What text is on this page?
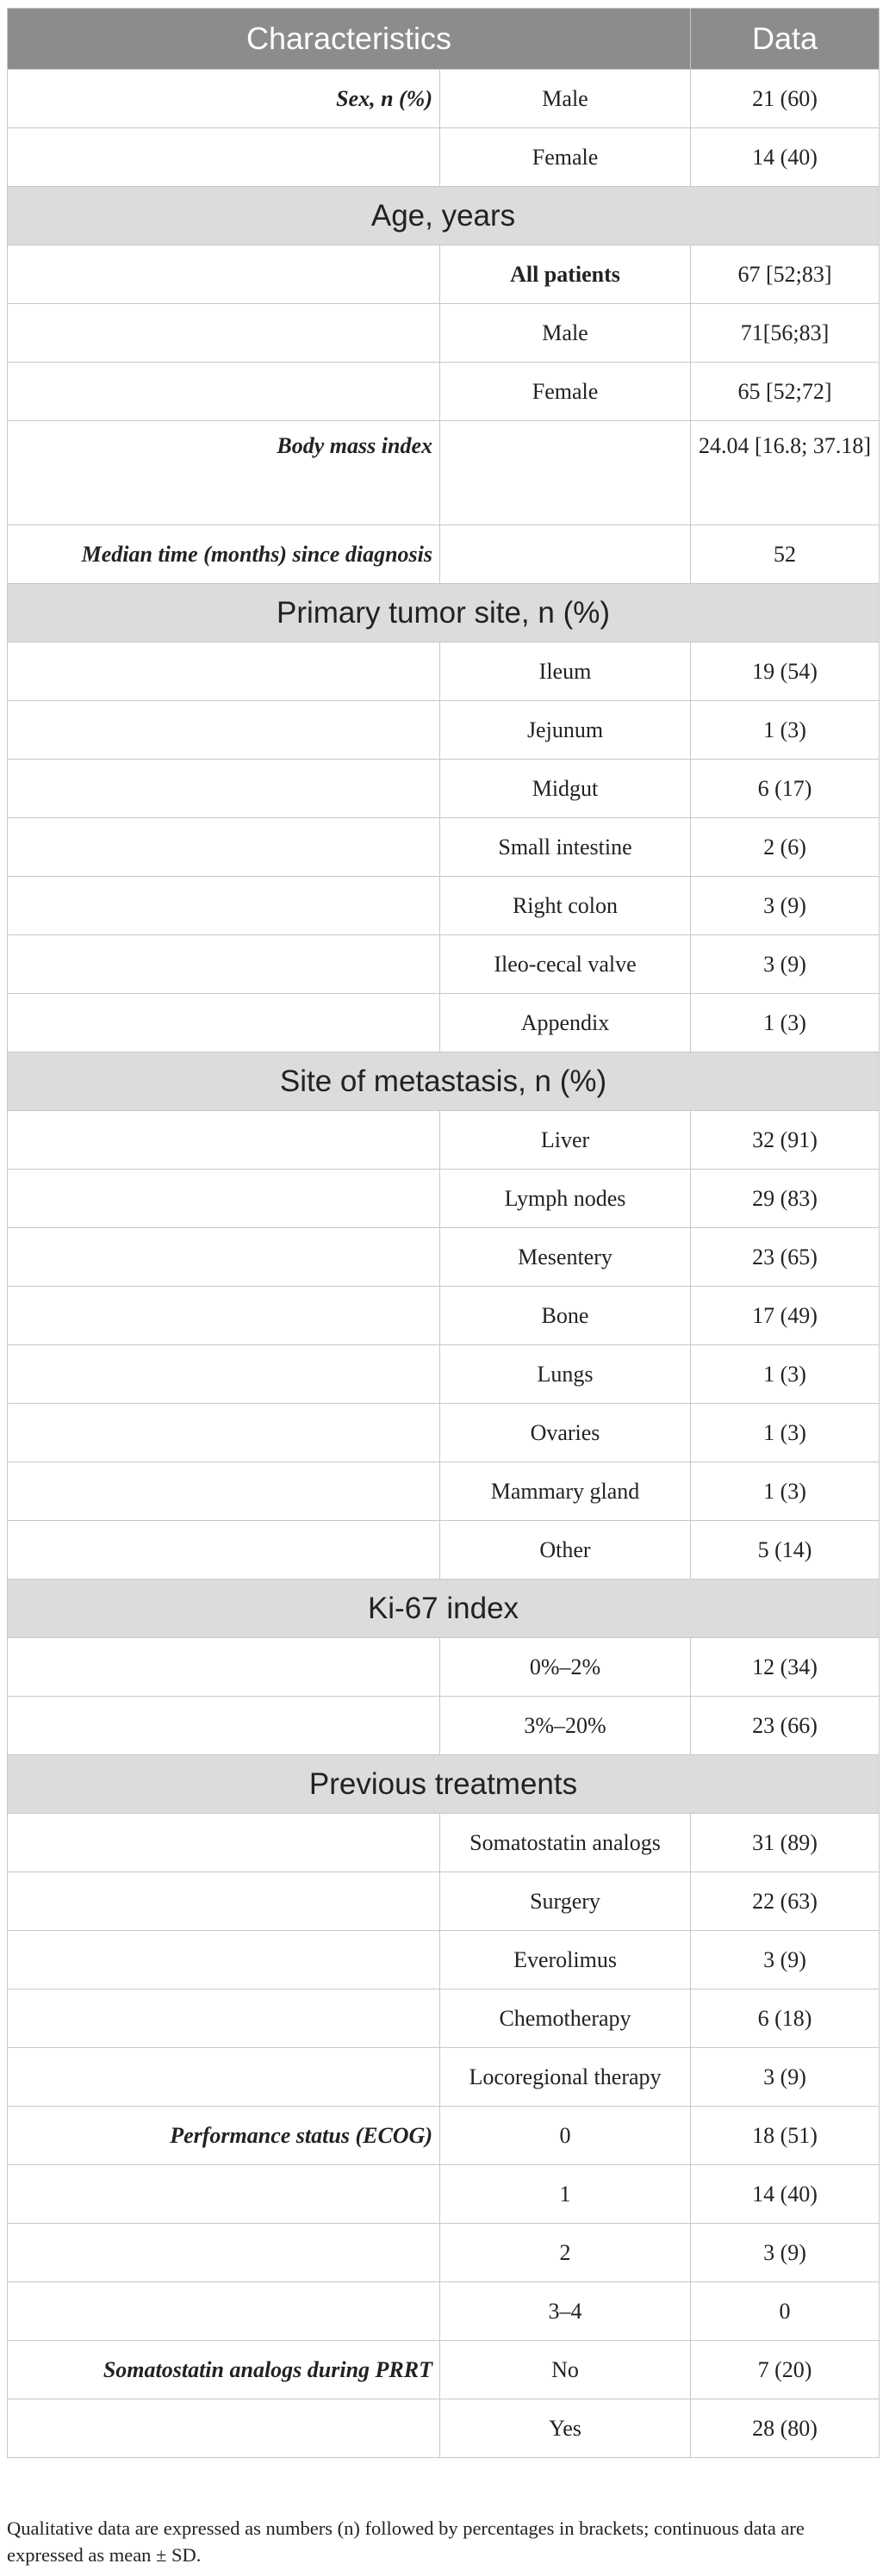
Characteristics		Data
Sex, n (%)	Male	21 (60)
	Female	14 (40)
Age, years		
	All patients	67 [52;83]
	Male	71[56;83]
	Female	65 [52;72]
Body mass index		24.04 [16.8; 37.18]
Median time (months) since diagnosis		52
Primary tumor site, n (%)		
	Ileum	19 (54)
	Jejunum	1 (3)
	Midgut	6 (17)
	Small intestine	2 (6)
	Right colon	3 (9)
	Ileo-cecal valve	3 (9)
	Appendix	1 (3)
Site of metastasis, n (%)		
	Liver	32 (91)
	Lymph nodes	29 (83)
	Mesentery	23 (65)
	Bone	17 (49)
	Lungs	1 (3)
	Ovaries	1 (3)
	Mammary gland	1 (3)
	Other	5 (14)
Ki-67 index		
	0%–2%	12 (34)
	3%–20%	23 (66)
Previous treatments		
	Somatostatin analogs	31 (89)
	Surgery	22 (63)
	Everolimus	3 (9)
	Chemotherapy	6 (18)
	Locoregional therapy	3 (9)
Performance status (ECOG)	0	18 (51)
	1	14 (40)
	2	3 (9)
	3–4	0
Somatostatin analogs during PRRT	No	7 (20)
	Yes	28 (80)
Qualitative data are expressed as numbers (n) followed by percentages in brackets; continuous data are expressed as mean ± SD.
